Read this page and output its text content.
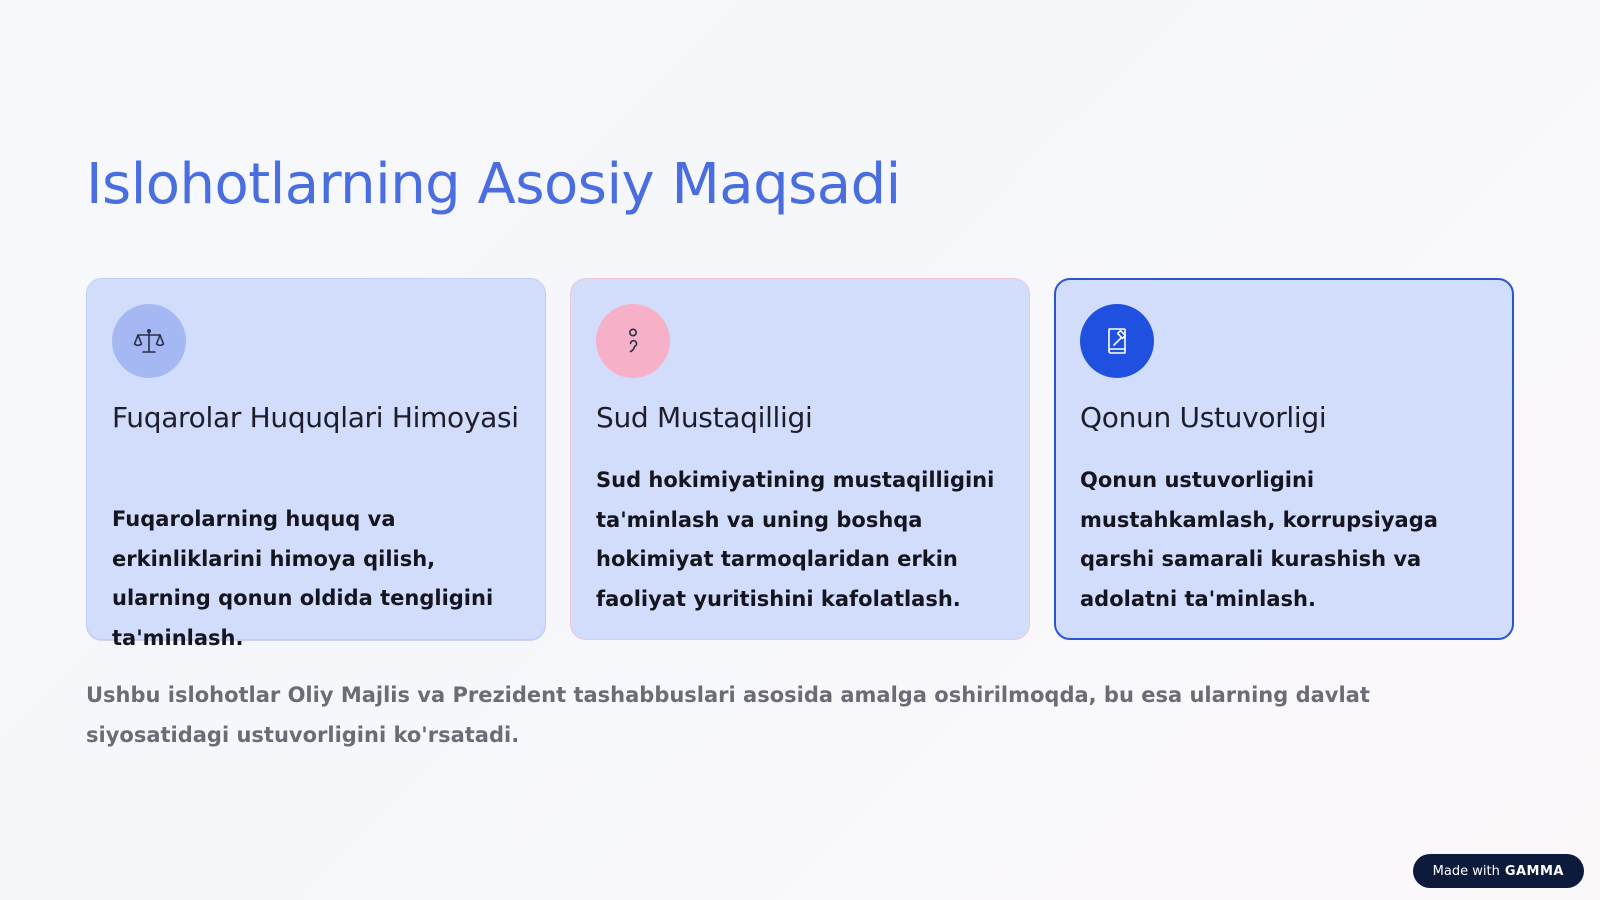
Islohotlarning Asosiy Maqsadi
Fuqarolar Huquqlari Himoyasi

Fuqarolarning huquq va erkinliklarini himoya qilish, ularning qonun oldida tengligini ta'minlash.

Sud Mustaqilligi

Sud hokimiyatining mustaqilligini ta'minlash va uning boshqa hokimiyat tarmoqlaridan erkin faoliyat yuritishini kafolatlash.

Qonun Ustuvorligi

Qonun ustuvorligini mustahkamlash, korrupsiyaga qarshi samarali kurashish va adolatni ta'minlash.

Ushbu islohotlar Oliy Majlis va Prezident tashabbuslari asosida amalga oshirilmoqda, bu esa ularning davlat siyosatidagi ustuvorligini ko'rsatadi.

Made with GAMMA
